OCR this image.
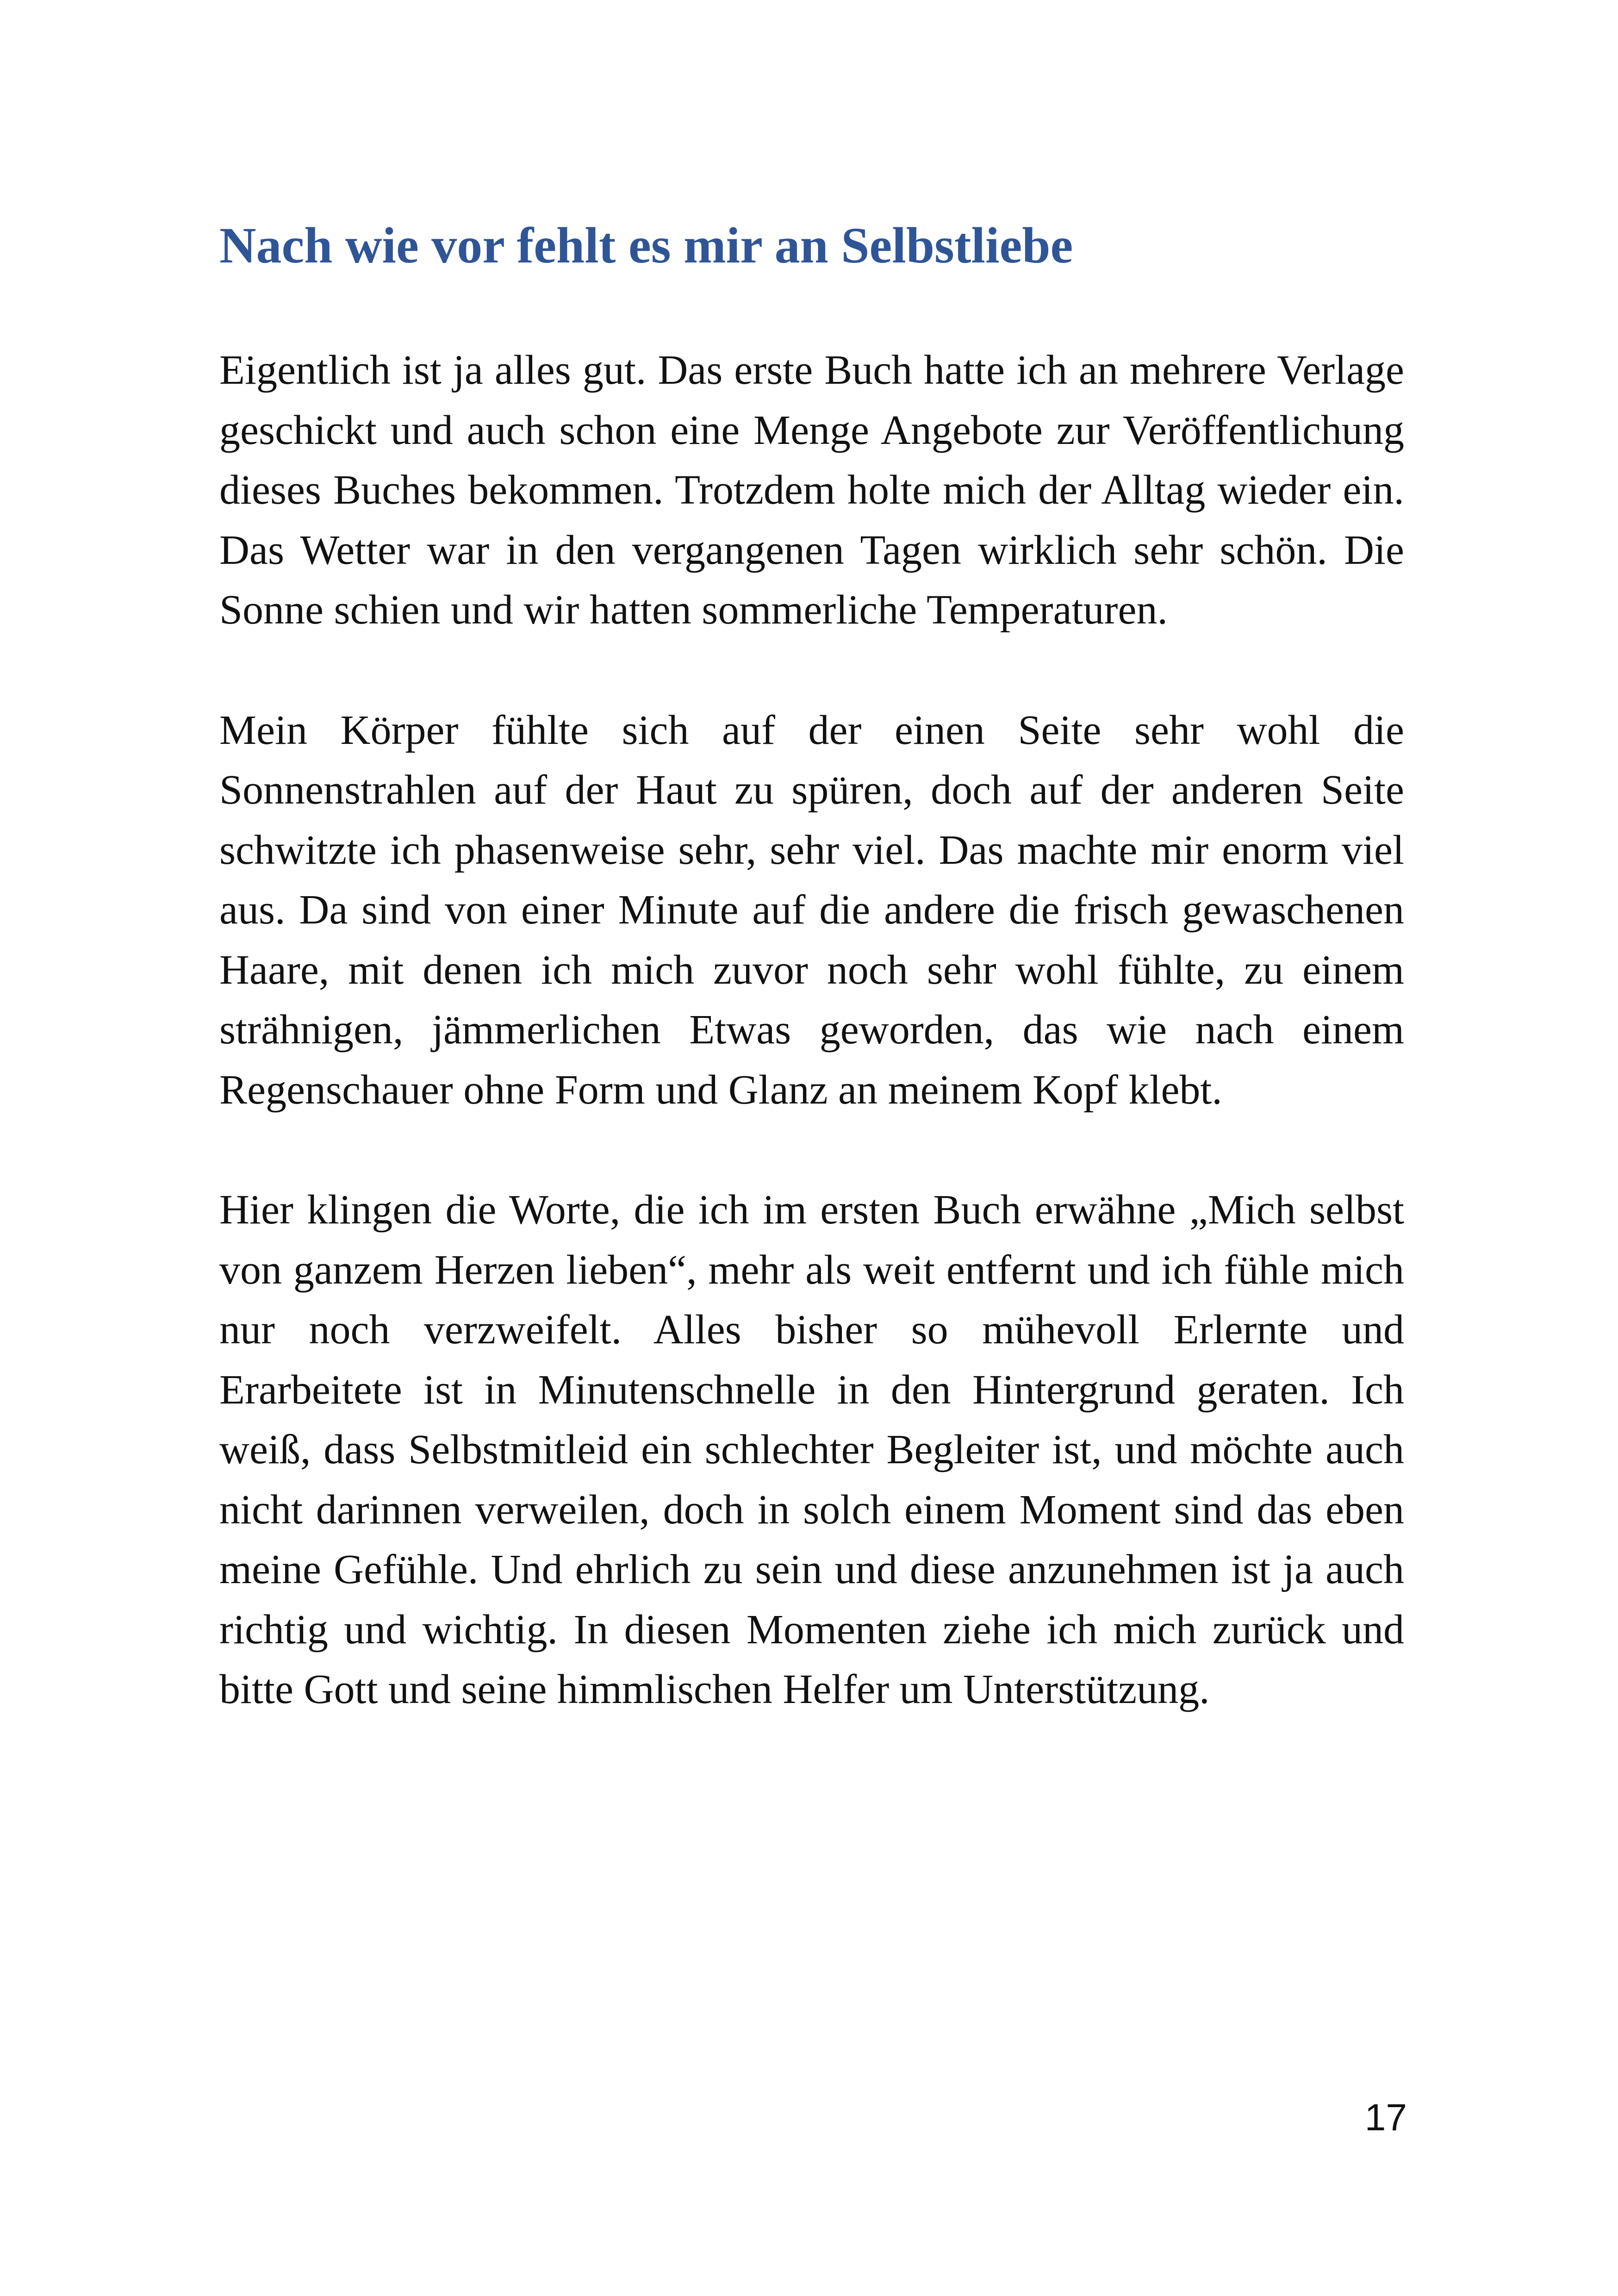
Nach wie vor fehlt es mir an Selbstliebe

Eigentlich ist ja alles gut. Das erste Buch hatte ich an mehrere Verlage geschickt und auch schon eine Menge Angebote zur Veröffentlichung dieses Buches bekommen. Trotzdem holte mich der Alltag wieder ein. Das Wetter war in den vergangenen Tagen wirklich sehr schön. Die Sonne schien und wir hatten sommerliche Temperaturen.

Mein Körper fühlte sich auf der einen Seite sehr wohl die Sonnenstrahlen auf der Haut zu spüren, doch auf der anderen Seite schwitzte ich phasenweise sehr, sehr viel. Das machte mir enorm viel aus. Da sind von einer Minute auf die andere die frisch gewaschenen Haare, mit denen ich mich zuvor noch sehr wohl fühlte, zu einem strähnigen, jämmerlichen Etwas geworden, das wie nach einem Regenschauer ohne Form und Glanz an meinem Kopf klebt.

Hier klingen die Worte, die ich im ersten Buch erwähne „Mich selbst von ganzem Herzen lieben“, mehr als weit entfernt und ich fühle mich nur noch verzweifelt. Alles bisher so mühevoll Erlernte und Erarbeitete ist in Minutenschnelle in den Hintergrund geraten. Ich weiß, dass Selbstmitleid ein schlechter Begleiter ist, und möchte auch nicht darinnen verweilen, doch in solch einem Moment sind das eben meine Gefühle. Und ehrlich zu sein und diese anzunehmen ist ja auch richtig und wichtig. In diesen Momenten ziehe ich mich zurück und bitte Gott und seine himmlischen Helfer um Unterstützung.

17
